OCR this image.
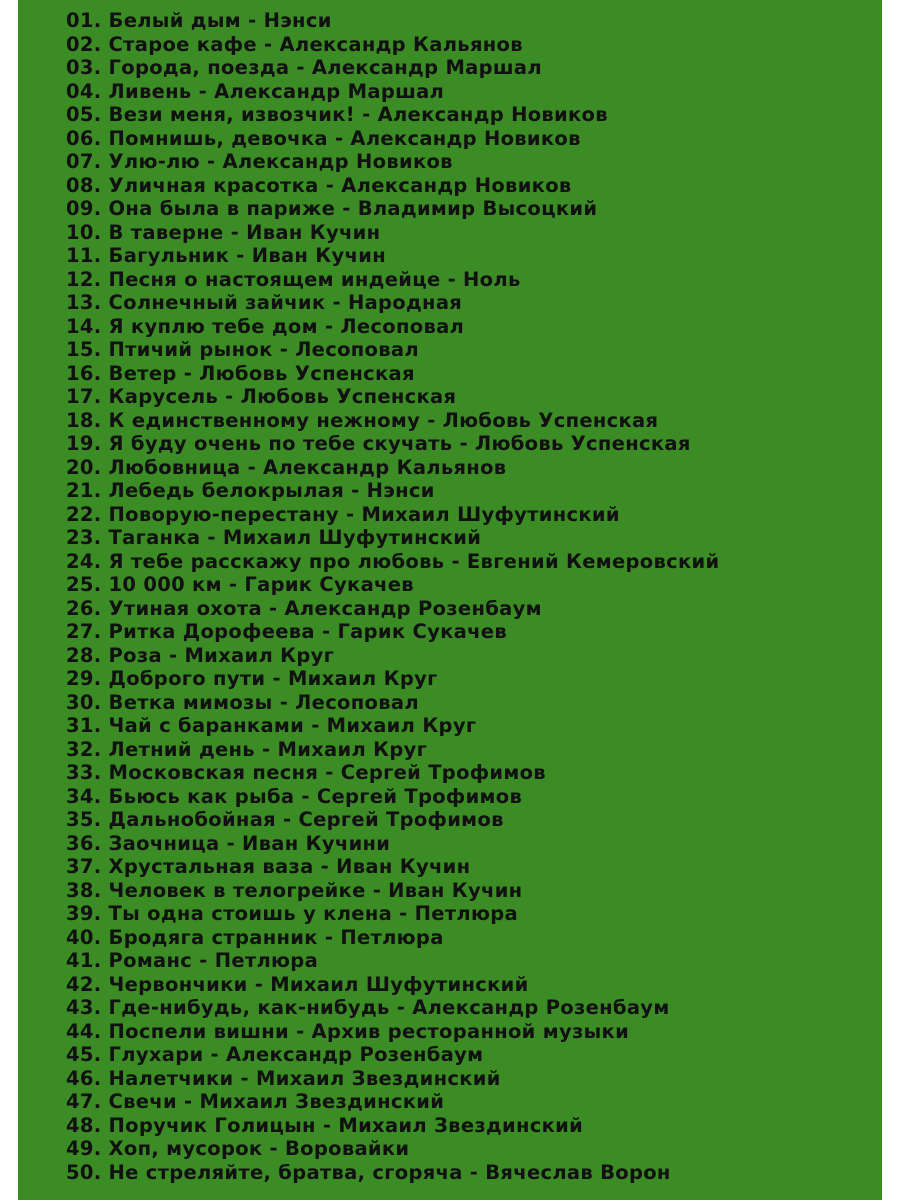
01. Белый дым - Нэнси
02. Старое кафе - Александр Кальянов
03. Города, поезда - Александр Маршал
04. Ливень - Александр Маршал
05. Вези меня, извозчик! - Александр Новиков
06. Помнишь, девочка - Александр Новиков
07. Улю-лю - Александр Новиков
08. Уличная красотка - Александр Новиков
09. Она была в париже - Владимир Высоцкий
10. В таверне - Иван Кучин
11. Багульник - Иван Кучин
12. Песня о настоящем индейце - Ноль
13. Солнечный зайчик - Народная
14. Я куплю тебе дом - Лесоповал
15. Птичий рынок - Лесоповал
16. Ветер - Любовь Успенская
17. Карусель - Любовь Успенская
18. К единственному нежному - Любовь Успенская
19. Я буду очень по тебе скучать - Любовь Успенская
20. Любовница - Александр Кальянов
21. Лебедь белокрылая - Нэнси
22. Поворую-перестану - Михаил Шуфутинский
23. Таганка - Михаил Шуфутинский
24. Я тебе расскажу про любовь - Евгений Кемеровский
25. 10 000 км - Гарик Сукачев
26. Утиная охота - Александр Розенбаум
27. Ритка Дорофеева - Гарик Сукачев
28. Роза - Михаил Круг
29. Доброго пути - Михаил Круг
30. Ветка мимозы - Лесоповал
31. Чай с баранками - Михаил Круг
32. Летний день - Михаил Круг
33. Московская песня - Сергей Трофимов
34. Бьюсь как рыба - Сергей Трофимов
35. Дальнобойная - Сергей Трофимов
36. Заочница - Иван Кучини
37. Хрустальная ваза - Иван Кучин
38. Человек в телогрейке - Иван Кучин
39. Ты одна стоишь у клена - Петлюра
40. Бродяга странник - Петлюра
41. Романс - Петлюра
42. Червончики - Михаил Шуфутинский
43. Где-нибудь, как-нибудь - Александр Розенбаум
44. Поспели вишни - Архив ресторанной музыки
45. Глухари - Александр Розенбаум
46. Налетчики - Михаил Звездинский
47. Свечи - Михаил Звездинский
48. Поручик Голицын - Михаил Звездинский
49. Хоп, мусорок - Воровайки
50. Не стреляйте, братва, сгоряча - Вячеслав Ворон
